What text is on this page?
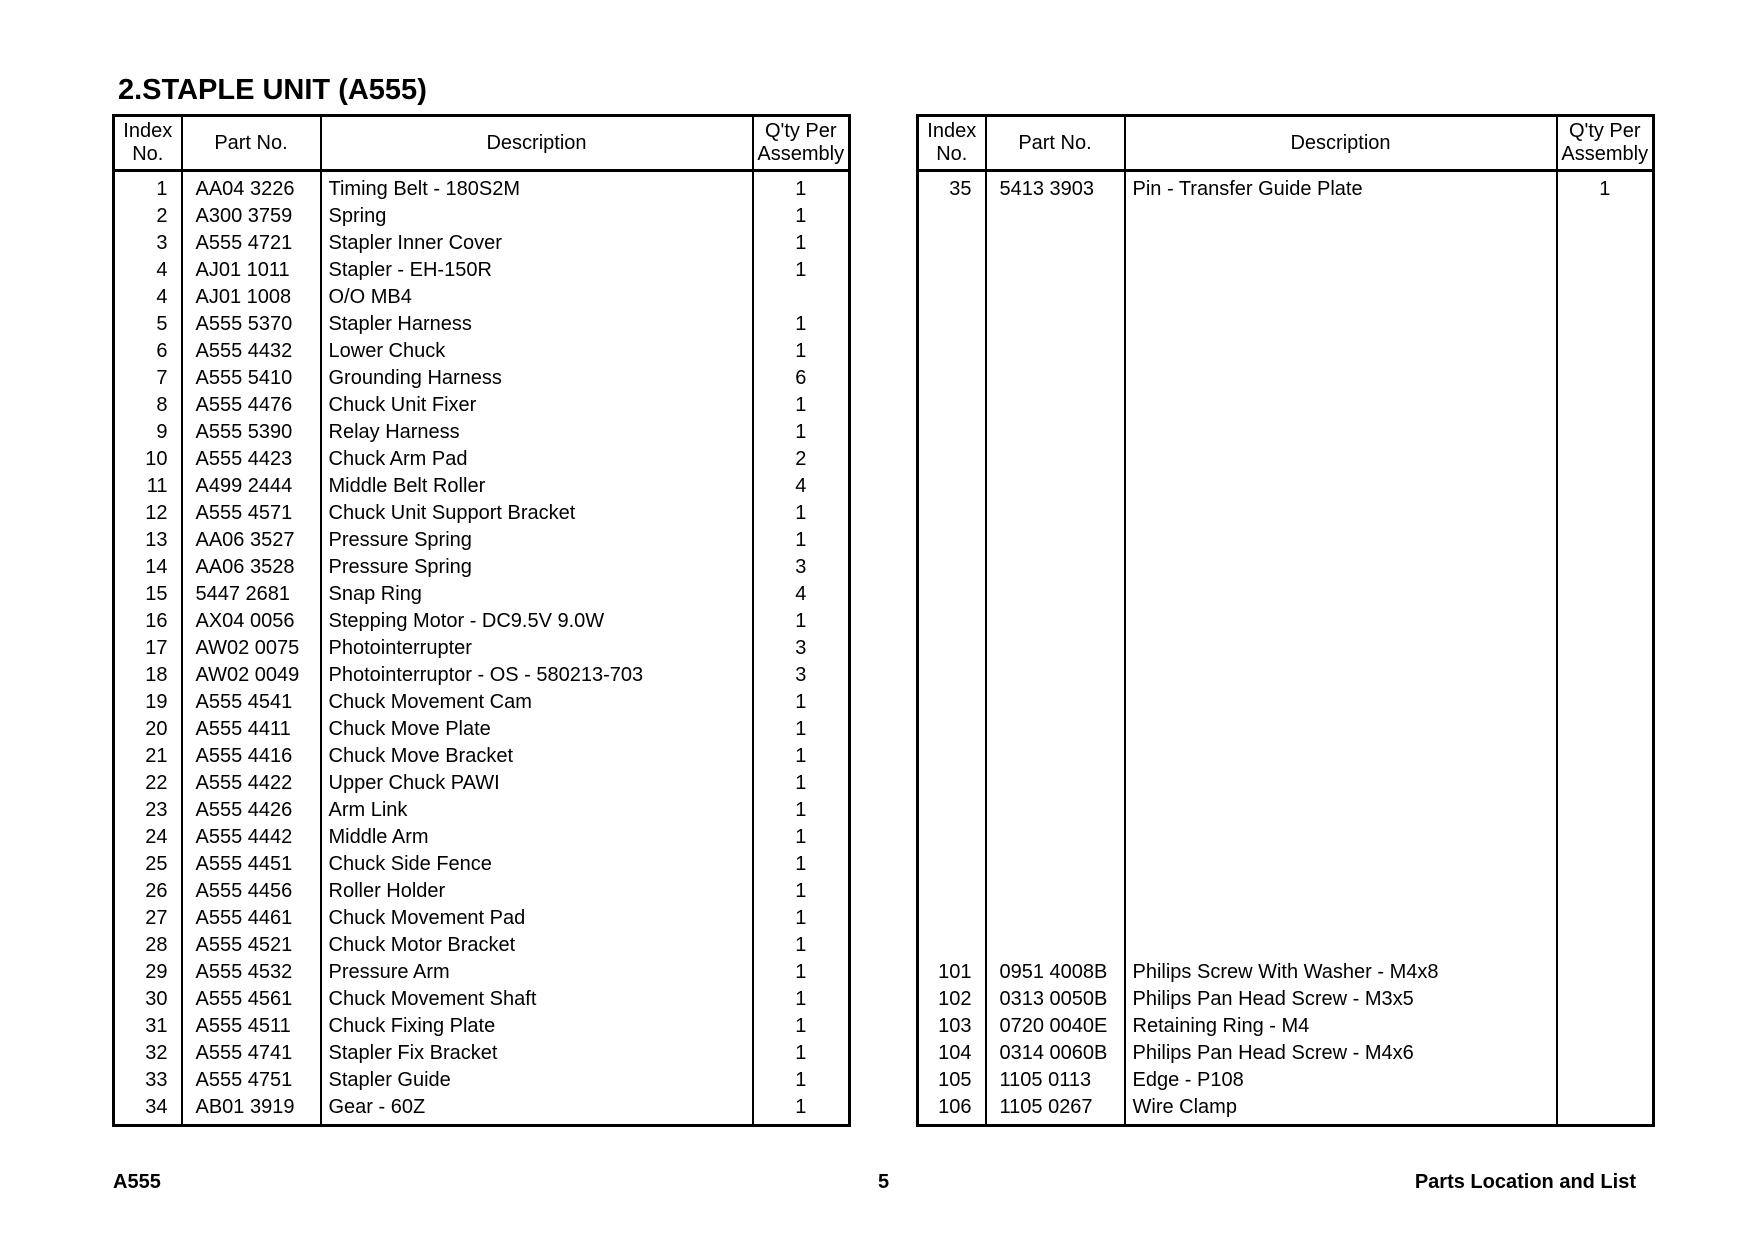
2.STAPLE UNIT (A555)
Index No.	Part No.	Description	Q'ty Per Assembly
1	AA04 3226	Timing Belt - 180S2M	1
2	A300 3759	Spring	1
3	A555 4721	Stapler Inner Cover	1
4	AJ01 1011	Stapler - EH-150R	1
4	AJ01 1008	O/O MB4	
5	A555 5370	Stapler Harness	1
6	A555 4432	Lower Chuck	1
7	A555 5410	Grounding Harness	6
8	A555 4476	Chuck Unit Fixer	1
9	A555 5390	Relay Harness	1
10	A555 4423	Chuck Arm Pad	2
11	A499 2444	Middle Belt Roller	4
12	A555 4571	Chuck Unit Support Bracket	1
13	AA06 3527	Pressure Spring	1
14	AA06 3528	Pressure Spring	3
15	5447 2681	Snap Ring	4
16	AX04 0056	Stepping Motor - DC9.5V 9.0W	1
17	AW02 0075	Photointerrupter	3
18	AW02 0049	Photointerruptor - OS - 580213-703	3
19	A555 4541	Chuck Movement Cam	1
20	A555 4411	Chuck Move Plate	1
21	A555 4416	Chuck Move Bracket	1
22	A555 4422	Upper Chuck PAWI	1
23	A555 4426	Arm Link	1
24	A555 4442	Middle Arm	1
25	A555 4451	Chuck Side Fence	1
26	A555 4456	Roller Holder	1
27	A555 4461	Chuck Movement Pad	1
28	A555 4521	Chuck Motor Bracket	1
29	A555 4532	Pressure Arm	1
30	A555 4561	Chuck Movement Shaft	1
31	A555 4511	Chuck Fixing Plate	1
32	A555 4741	Stapler Fix Bracket	1
33	A555 4751	Stapler Guide	1
34	AB01 3919	Gear - 60Z	1
Index No.	Part No.	Description	Q'ty Per Assembly
35	5413 3903	Pin - Transfer Guide Plate	1

101	0951 4008B	Philips Screw With Washer - M4x8	
102	0313 0050B	Philips Pan Head Screw - M3x5	
103	0720 0040E	Retaining Ring - M4	
104	0314 0060B	Philips Pan Head Screw - M4x6	
105	1105 0113	Edge - P108	
106	1105 0267	Wire Clamp	
A555	5	Parts Location and List
